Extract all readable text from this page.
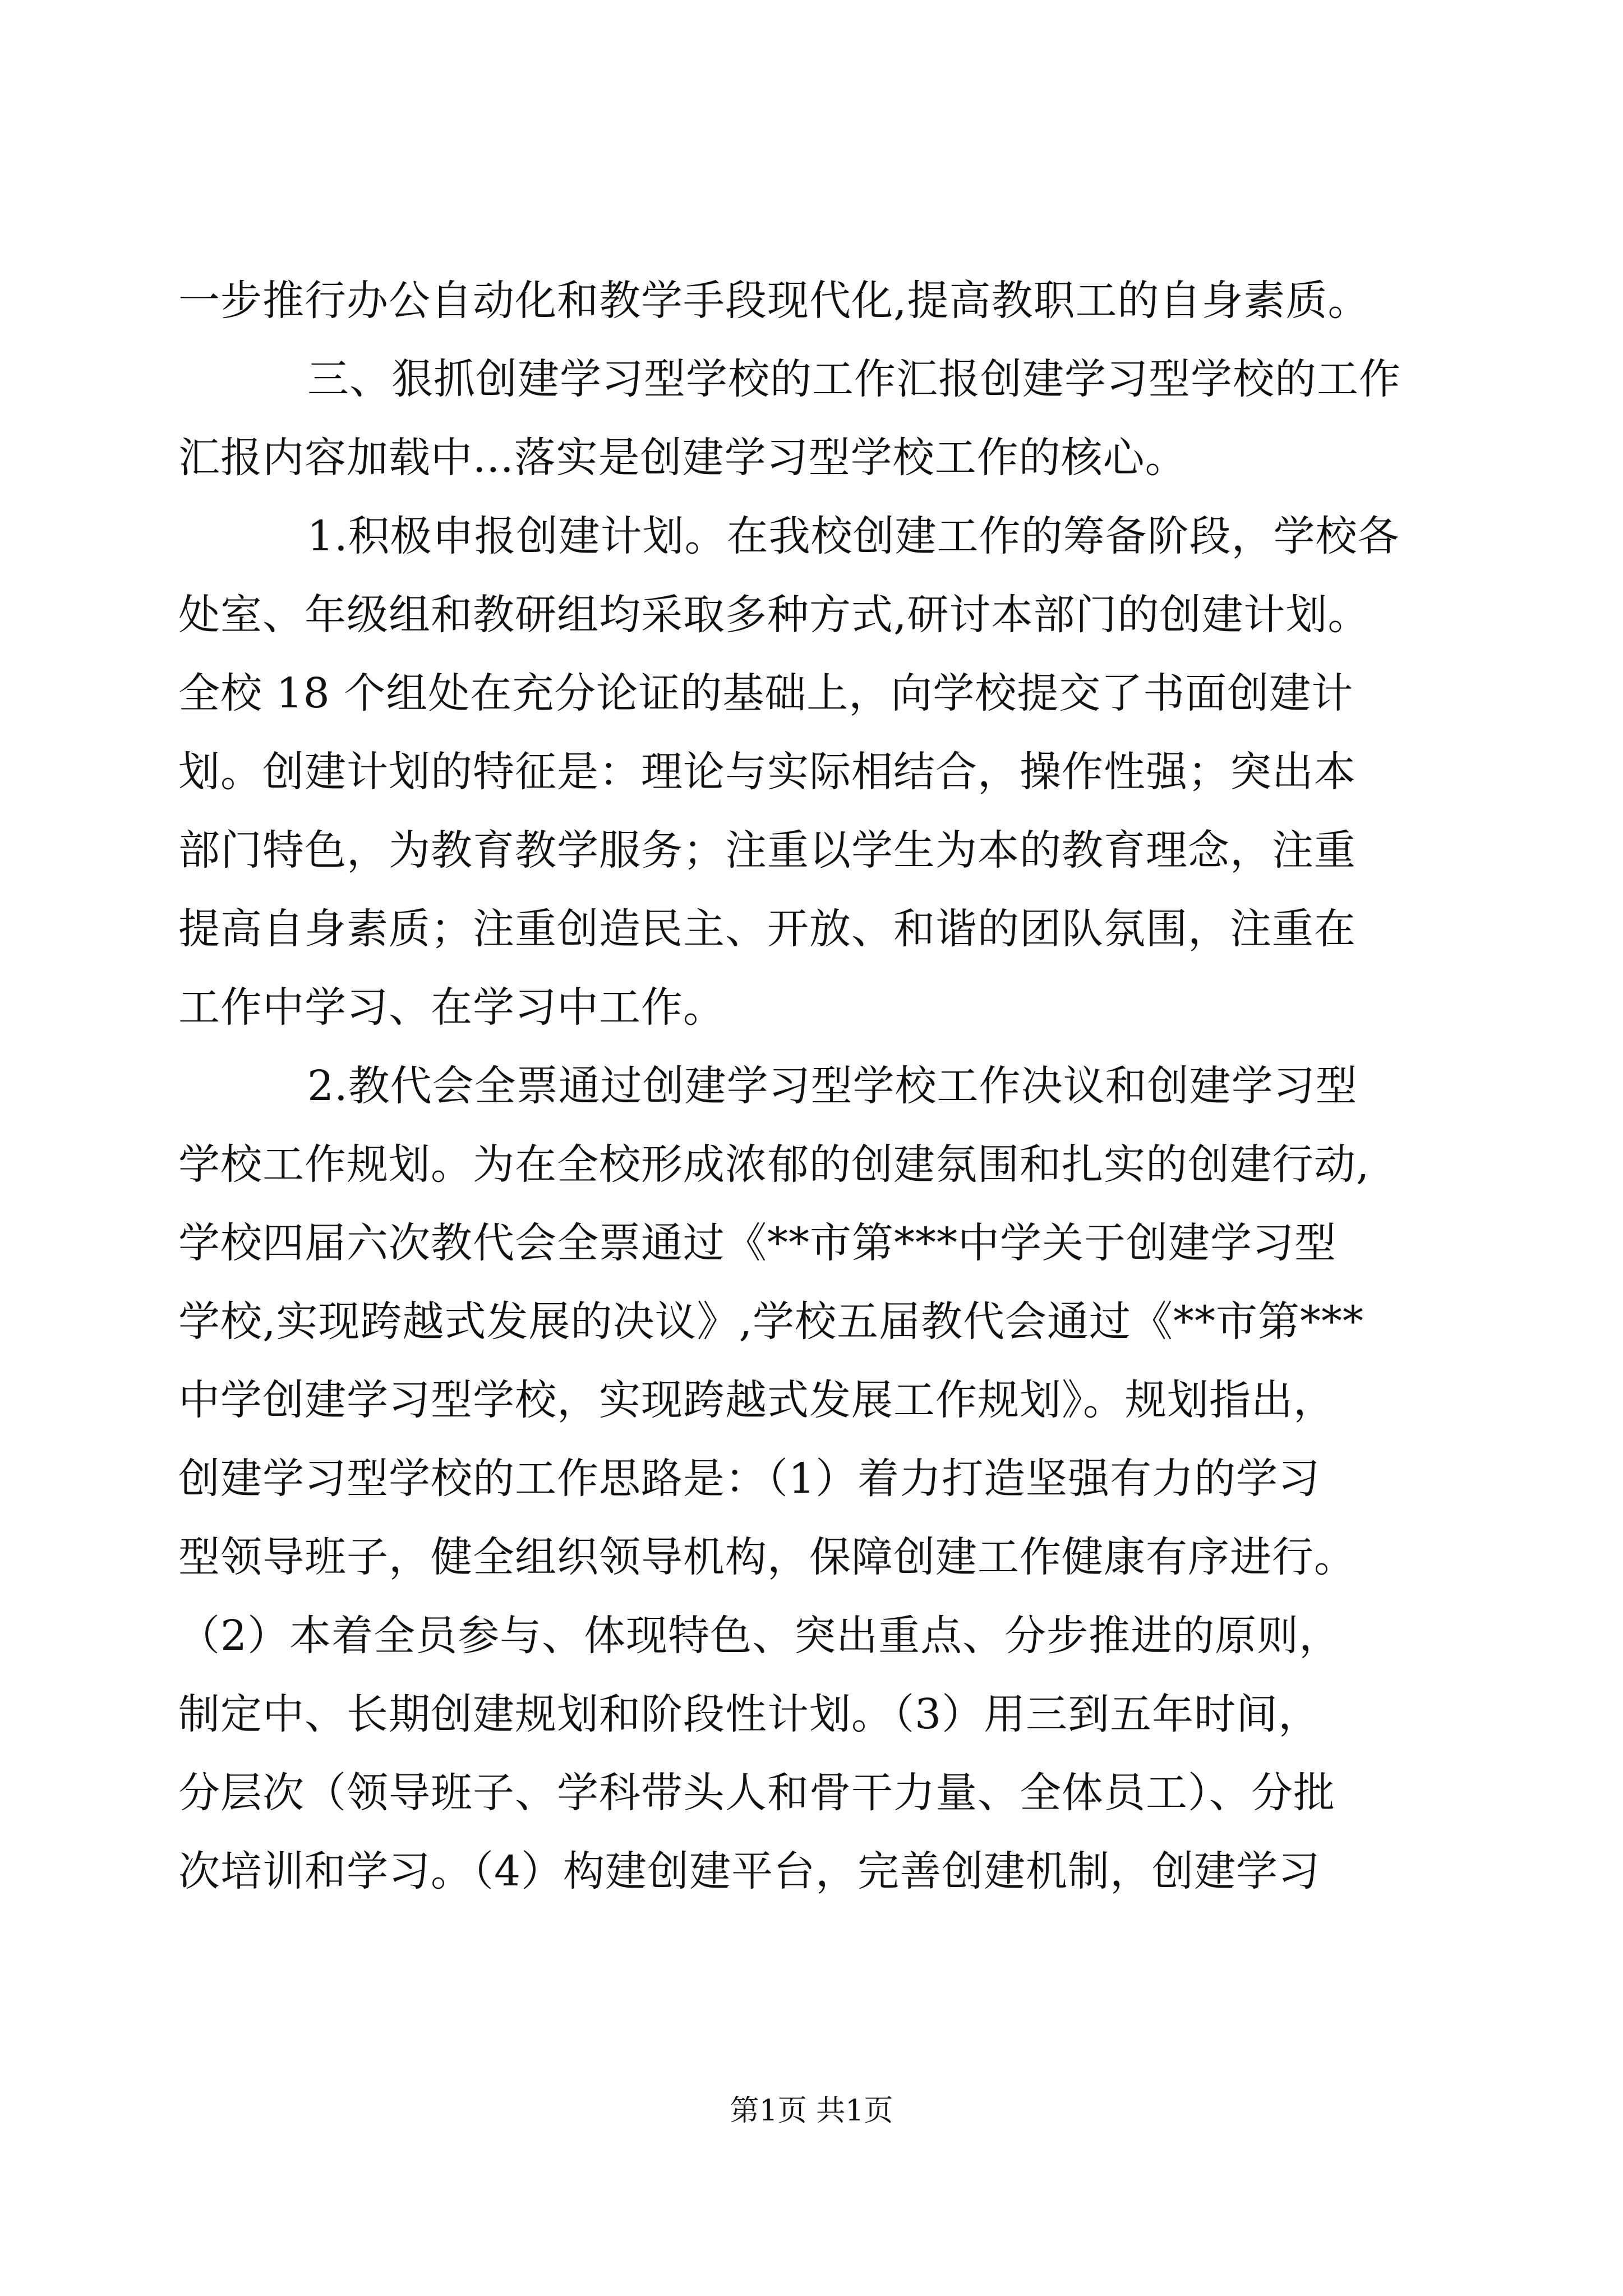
一步推行办公自动化和教学手段现代化,提高教职工的自身素质。
三、狠抓创建学习型学校的工作汇报创建学习型学校的工作
汇报内容加载中...落实是创建学习型学校工作的核心。
1.积极申报创建计划。在我校创建工作的筹备阶段，学校各
处室、年级组和教研组均采取多种方式,研讨本部门的创建计划。
全校 18 个组处在充分论证的基础上，向学校提交了书面创建计
划。创建计划的特征是：理论与实际相结合，操作性强；突出本
部门特色，为教育教学服务；注重以学生为本的教育理念，注重
提高自身素质；注重创造民主、开放、和谐的团队氛围，注重在
工作中学习、在学习中工作。
2.教代会全票通过创建学习型学校工作决议和创建学习型
学校工作规划。为在全校形成浓郁的创建氛围和扎实的创建行动,
学校四届六次教代会全票通过《**市第***中学关于创建学习型
学校,实现跨越式发展的决议》,学校五届教代会通过《**市第***
中学创建学习型学校，实现跨越式发展工作规划》。规划指出，
创建学习型学校的工作思路是：（1）着力打造坚强有力的学习
型领导班子，健全组织领导机构，保障创建工作健康有序进行。
（2）本着全员参与、体现特色、突出重点、分步推进的原则，
制定中、长期创建规划和阶段性计划。（3）用三到五年时间，
分层次（领导班子、学科带头人和骨干力量、全体员工）、分批
次培训和学习。（4）构建创建平台，完善创建机制，创建学习
第1页 共1页
